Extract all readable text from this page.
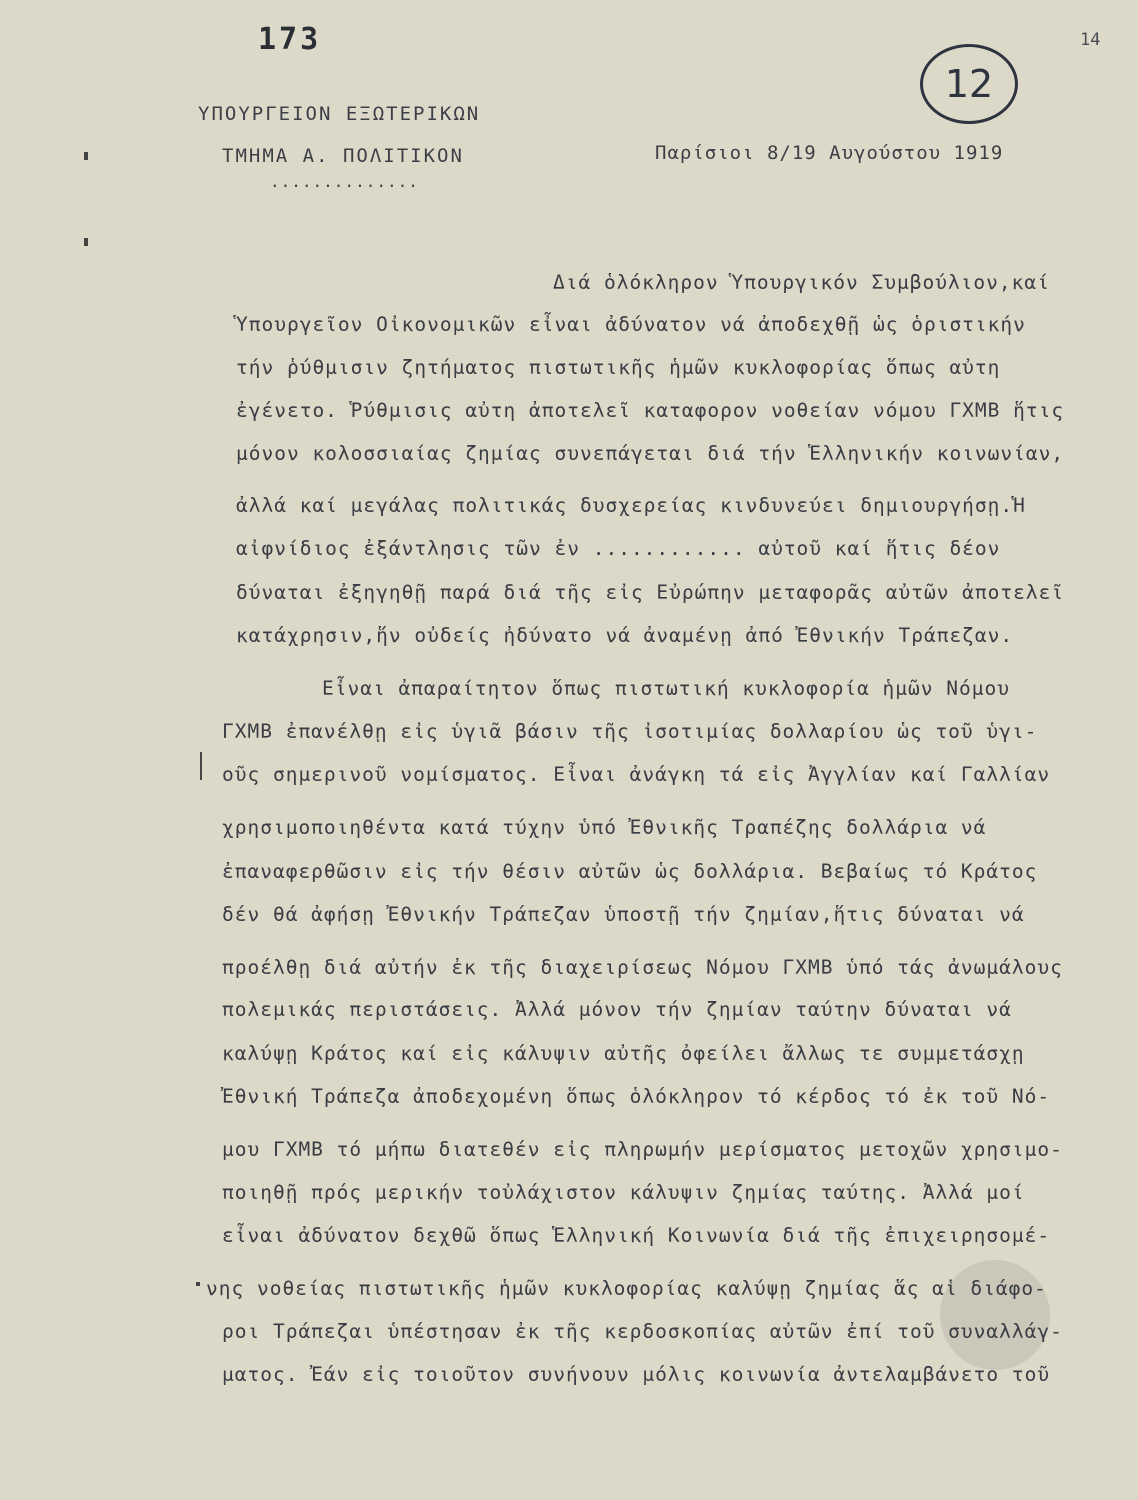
173	14
12
ΥΠΟΥΡΓΕΙΟΝ ΕΞΩΤΕΡΙΚΩΝ
ΤΜΗΜΑ Α. ΠΟΛΙΤΙΚΟΝ
..............
Παρίσιοι 8/19 Αυγούστου 1919
Διά ὁλόκληρον Ὑπουργικόν Συμβούλιον,καί
Ὑπουργεῖον Οἰκονομικῶν εἶναι ἀδύνατον νά ἀποδεχθῇ ὡς ὁριστικήν
τήν ῥύθμισιν ζητήματος πιστωτικῆς ἡμῶν κυκλοφορίας ὅπως αὐτη
ἐγένετο. Ῥύθμισις αὐτη ἀποτελεῖ καταφορον νοθείαν νόμου ΓΧΜΒ ἥτις
μόνον κολοσσιαίας ζημίας συνεπάγεται διά τήν Ἑλληνικήν κοινωνίαν,
ἀλλά καί μεγάλας πολιτικάς δυσχερείας κινδυνεύει δημιουργήσῃ.Ἡ
αἰφνίδιος ἐξάντλησις τῶν ἐν ............ αὐτοῦ καί ἥτις δέον
δύναται ἐξηγηθῇ παρά διά τῆς εἰς Εὐρώπην μεταφορᾶς αὐτῶν ἀποτελεῖ
κατάχρησιν,ἥν οὐδείς ἠδύνατο νά ἀναμένῃ ἀπό Ἐθνικήν Τράπεζαν.
Εἶναι ἀπαραίτητον ὅπως πιστωτική κυκλοφορία ἡμῶν Νόμου
ΓΧΜΒ ἐπανέλθῃ εἰς ὑγιᾶ βάσιν τῆς ἰσοτιμίας δολλαρίου ὡς τοῦ ὑγι-
οῦς σημερινοῦ νομίσματος. Εἶναι ἀνάγκη τά εἰς Ἀγγλίαν καί Γαλλίαν
χρησιμοποιηθέντα κατά τύχην ὑπό Ἐθνικῆς Τραπέζης δολλάρια νά
ἐπαναφερθῶσιν εἰς τήν θέσιν αὐτῶν ὡς δολλάρια. Βεβαίως τό Κράτος
δέν θά ἀφήσῃ Ἐθνικήν Τράπεζαν ὑποστῇ τήν ζημίαν,ἥτις δύναται νά
προέλθῃ διά αὐτήν ἐκ τῆς διαχειρίσεως Νόμου ΓΧΜΒ ὑπό τάς ἀνωμάλους
πολεμικάς περιστάσεις. Ἀλλά μόνον τήν ζημίαν ταύτην δύναται νά
καλύψῃ Κράτος καί εἰς κάλυψιν αὐτῆς ὀφείλει ἄλλως τε συμμετάσχῃ
Ἐθνική Τράπεζα ἀποδεχομένη ὅπως ὁλόκληρον τό κέρδος τό ἐκ τοῦ Νό-
μου ΓΧΜΒ τό μήπω διατεθέν εἰς πληρωμήν μερίσματος μετοχῶν χρησιμο-
ποιηθῇ πρός μερικήν τοὐλάχιστον κάλυψιν ζημίας ταύτης. Ἀλλά μοί
εἶναι ἀδύνατον δεχθῶ ὅπως Ἑλληνική Κοινωνία διά τῆς ἐπιχειρησομέ-
νης νοθείας πιστωτικῆς ἡμῶν κυκλοφορίας καλύψῃ ζημίας ἅς αἱ διάφο-
ροι Τράπεζαι ὑπέστησαν ἐκ τῆς κερδοσκοπίας αὐτῶν ἐπί τοῦ συναλλάγ-
ματος. Ἐάν εἰς τοιοῦτον συνήνουν μόλις κοινωνία ἀντελαμβάνετο τοῦ
